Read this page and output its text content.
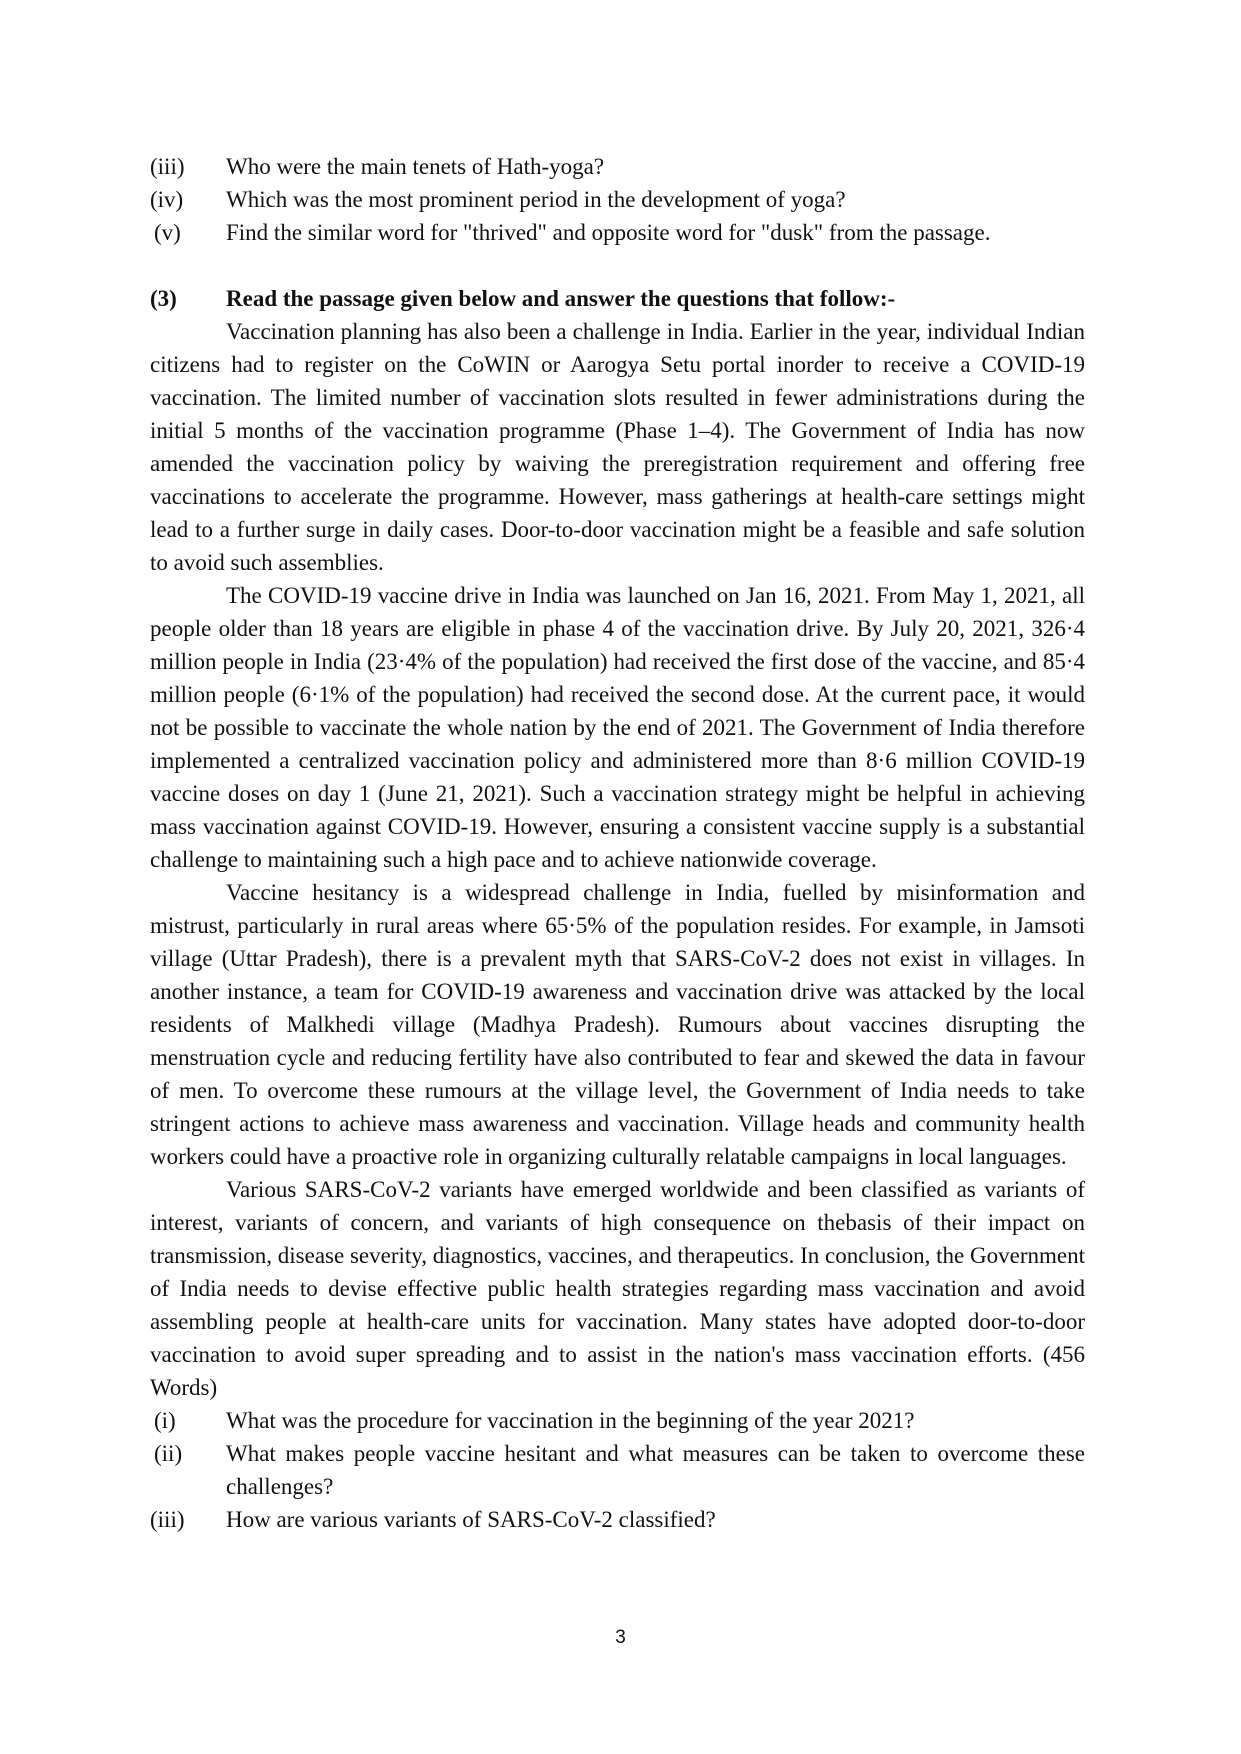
(iii)	Who were the main tenets of Hath-yoga?
(iv)	Which was the most prominent period in the development of yoga?
(v)	Find the similar word for "thrived" and opposite word for "dusk" from the passage.
(3)	Read the passage given below and answer the questions that follow:-

Vaccination planning has also been a challenge in India. Earlier in the year, individual Indian citizens had to register on the CoWIN or Aarogya Setu portal inorder to receive a COVID-19 vaccination. The limited number of vaccination slots resulted in fewer administrations during the initial 5 months of the vaccination programme (Phase 1–4). The Government of India has now amended the vaccination policy by waiving the preregistration requirement and offering free vaccinations to accelerate the programme. However, mass gatherings at health-care settings might lead to a further surge in daily cases. Door-to-door vaccination might be a feasible and safe solution to avoid such assemblies.

The COVID-19 vaccine drive in India was launched on Jan 16, 2021. From May 1, 2021, all people older than 18 years are eligible in phase 4 of the vaccination drive. By July 20, 2021, 326·4 million people in India (23·4% of the population) had received the first dose of the vaccine, and 85·4 million people (6·1% of the population) had received the second dose. At the current pace, it would not be possible to vaccinate the whole nation by the end of 2021. The Government of India therefore implemented a centralized vaccination policy and administered more than 8·6 million COVID-19 vaccine doses on day 1 (June 21, 2021). Such a vaccination strategy might be helpful in achieving mass vaccination against COVID-19. However, ensuring a consistent vaccine supply is a substantial challenge to maintaining such a high pace and to achieve nationwide coverage.

Vaccine hesitancy is a widespread challenge in India, fuelled by misinformation and mistrust, particularly in rural areas where 65·5% of the population resides. For example, in Jamsoti village (Uttar Pradesh), there is a prevalent myth that SARS-CoV-2 does not exist in villages. In another instance, a team for COVID-19 awareness and vaccination drive was attacked by the local residents of Malkhedi village (Madhya Pradesh). Rumours about vaccines disrupting the menstruation cycle and reducing fertility have also contributed to fear and skewed the data in favour of men. To overcome these rumours at the village level, the Government of India needs to take stringent actions to achieve mass awareness and vaccination. Village heads and community health workers could have a proactive role in organizing culturally relatable campaigns in local languages.

Various SARS-CoV-2 variants have emerged worldwide and been classified as variants of interest, variants of concern, and variants of high consequence on thebasis of their impact on transmission, disease severity, diagnostics, vaccines, and therapeutics. In conclusion, the Government of India needs to devise effective public health strategies regarding mass vaccination and avoid assembling people at health-care units for vaccination. Many states have adopted door-to-door vaccination to avoid super spreading and to assist in the nation's mass vaccination efforts. (456 Words)

(i)	What was the procedure for vaccination in the beginning of the year 2021?
(ii)	What makes people vaccine hesitant and what measures can be taken to overcome these challenges?
(iii)	How are various variants of SARS-CoV-2 classified?
3
